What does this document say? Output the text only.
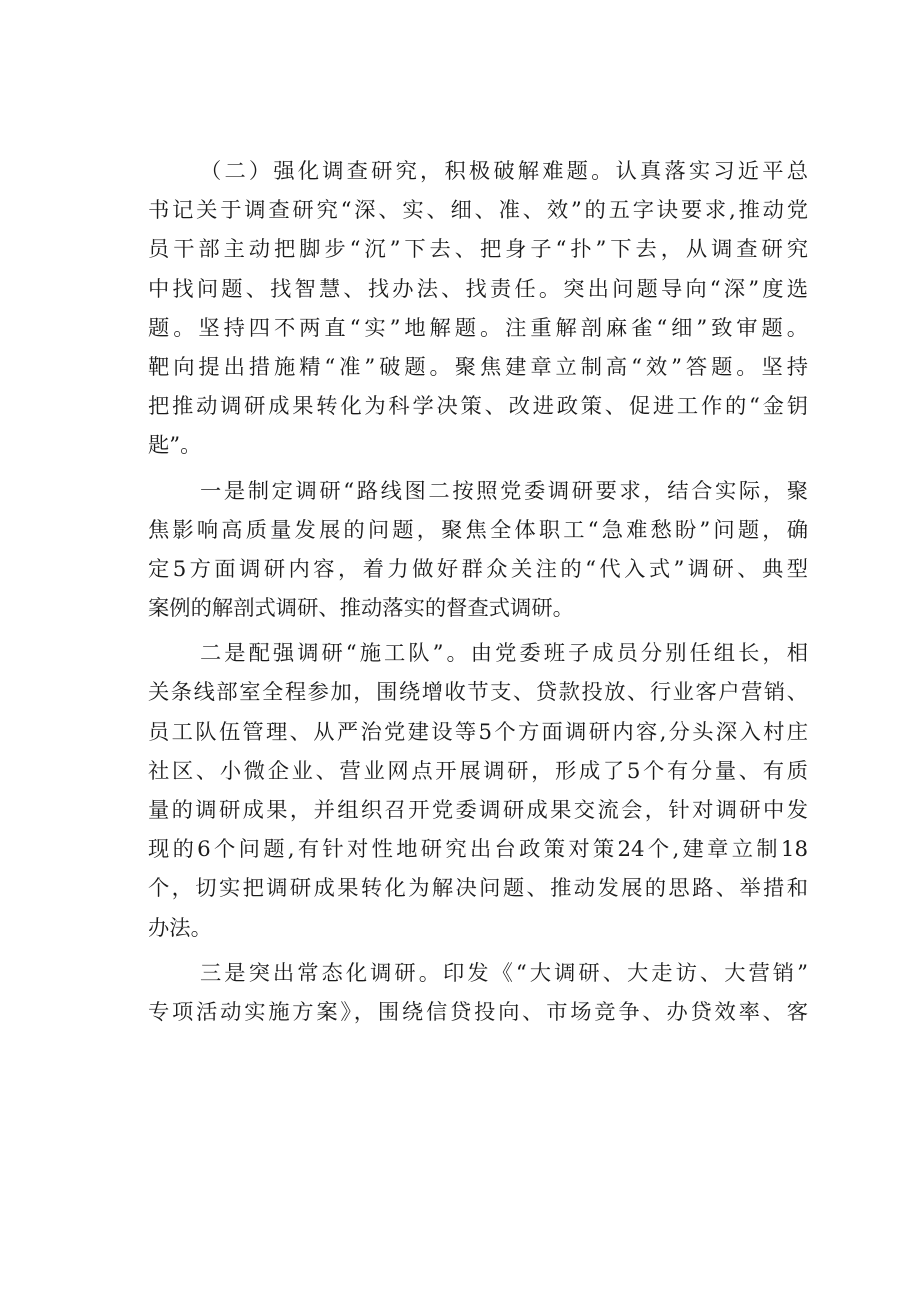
（二）强化调查研究，积极破解难题。认真落实习近平总
书记关于调查研究“深、实、细、准、效”的五字诀要求,推动党
员干部主动把脚步“沉”下去、把身子“扑”下去，从调查研究
中找问题、找智慧、找办法、找责任。突出问题导向“深”度选
题。坚持四不两直“实”地解题。注重解剖麻雀“细”致审题。
靶向提出措施精“准”破题。聚焦建章立制高“效”答题。坚持
把推动调研成果转化为科学决策、改进政策、促进工作的“金钥
匙”。
一是制定调研“路线图二按照党委调研要求，结合实际，聚
焦影响高质量发展的问题，聚焦全体职工“急难愁盼”问题，确
定5方面调研内容，着力做好群众关注的“代入式”调研、典型
案例的解剖式调研、推动落实的督查式调研。
二是配强调研“施工队”。由党委班子成员分别任组长，相
关条线部室全程参加，围绕增收节支、贷款投放、行业客户营销、
员工队伍管理、从严治党建设等5个方面调研内容,分头深入村庄
社区、小微企业、营业网点开展调研，形成了5个有分量、有质
量的调研成果，并组织召开党委调研成果交流会，针对调研中发
现的6个问题,有针对性地研究出台政策对策24个,建章立制18
个，切实把调研成果转化为解决问题、推动发展的思路、举措和
办法。
三是突出常态化调研。印发《“大调研、大走访、大营销”
专项活动实施方案》，围绕信贷投向、市场竞争、办贷效率、客
